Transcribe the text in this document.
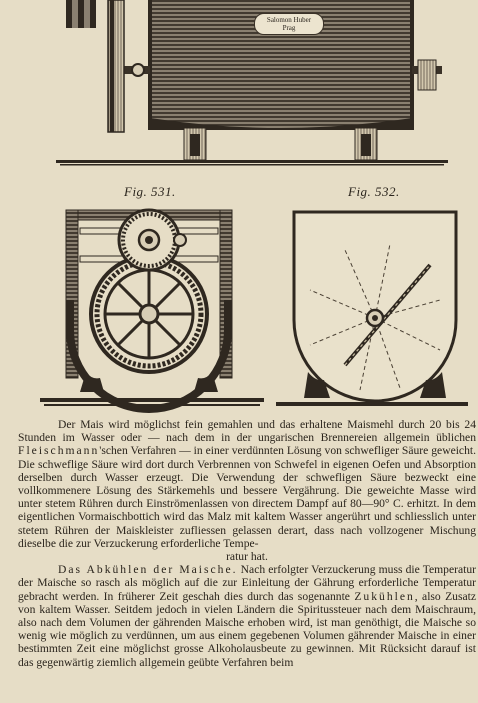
Salomon Huber
Prag
Fig. 531.	Fig. 532.

Der Mais wird möglichst fein gemahlen und das erhaltene Maismehl durch 20 bis 24 Stunden im Wasser oder — nach dem in der ungarischen Brennereien allgemein üblichen Fleischmann'schen Verfahren — in einer verdünnten Lösung von schwefliger Säure geweicht. Die schweflige Säure wird dort durch Verbrennen von Schwefel in eigenen Oefen und Absorption derselben durch Wasser erzeugt. Die Verwendung der schwefligen Säure bezweckt eine vollkommenere Lösung des Stärkemehls und bessere Vergährung. Die geweichte Masse wird unter stetem Rühren durch Einströmenlassen von directem Dampf auf 80—90° C. erhitzt. In dem eigentlichen Vormaischbottich wird das Malz mit kaltem Wasser angerührt und schliesslich unter stetem Rühren der Maiskleister zufliessen gelassen derart, dass nach vollzogener Mischung dieselbe die zur Verzuckerung erforderliche Tempe-

ratur hat.

Das Abkühlen der Maische. Nach erfolgter Verzuckerung muss die Temperatur der Maische so rasch als möglich auf die zur Einleitung der Gährung erforderliche Temperatur gebracht werden. In früherer Zeit geschah dies durch das sogenannte Zukühlen, also Zusatz von kaltem Wasser. Seitdem jedoch in vielen Ländern die Spiritussteuer nach dem Maischraum, also nach dem Volumen der gährenden Maische erhoben wird, ist man genöthigt, die Maische so wenig wie möglich zu verdünnen, um aus einem gegebenen Volumen gährender Maische in einer bestimmten Zeit eine möglichst grosse Alkoholausbeute zu gewinnen. Mit Rücksicht darauf ist das gegenwärtig ziemlich allgemein geübte Verfahren beim
